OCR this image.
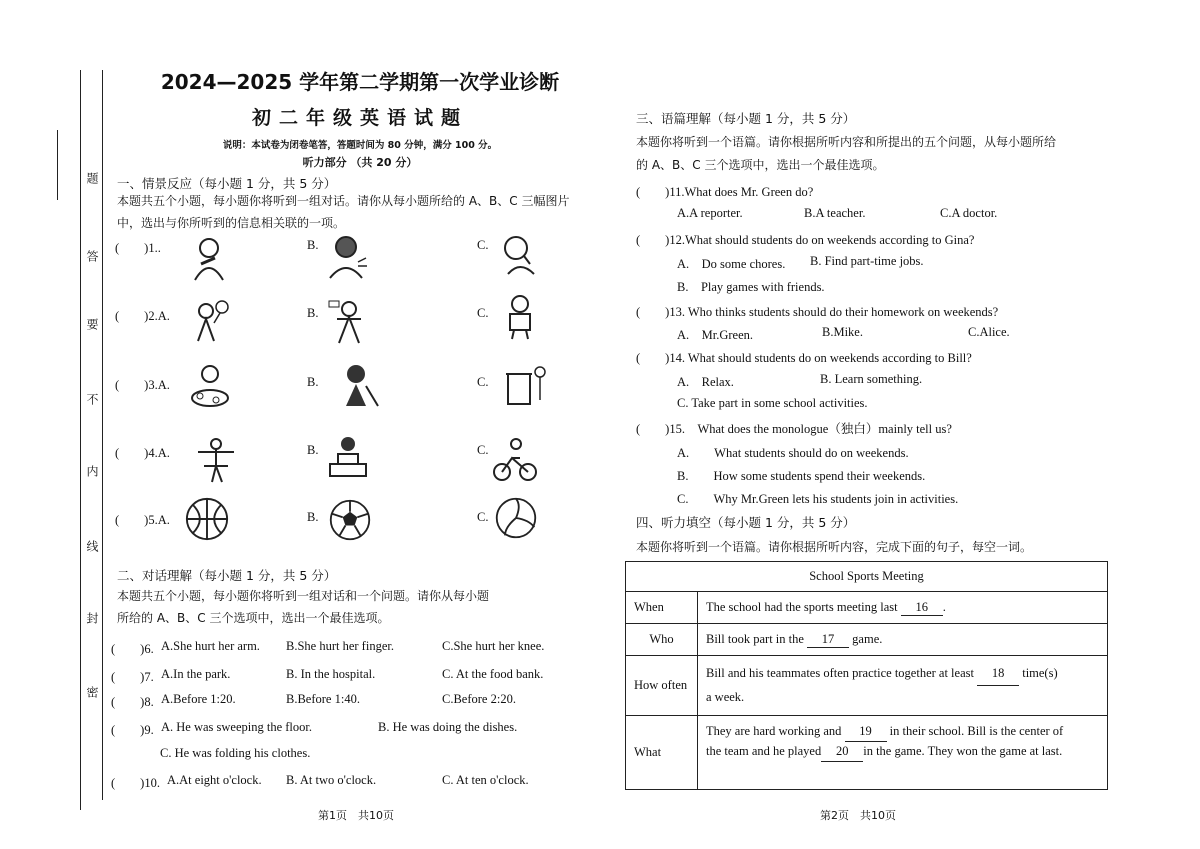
题
答
要
不
内
线
封
密
2024—2025 学年第二学期第一次学业诊断
初二年级英语试题
说明：本试卷为闭卷笔答，答题时间为 80 分钟，满分 100 分。
听力部分 （共 20 分）
一、情景反应（每小题 1 分，共 5 分）
本题共五个小题，每小题你将听到一组对话。请你从每小题所给的 A、B、C 三幅图片
中，选出与你所听到的信息相关联的一项。
(　　)1..	B.	C.
(　　)2.A.	B.	C.
(　　)3.A.	B.	C.
(　　)4.A.	B.	C.
(　　)5.A.	B.	C.
二、对话理解（每小题 1 分，共 5 分）
本题共五个小题，每小题你将听到一组对话和一个问题。请你从每小题
所给的 A、B、C 三个选项中，选出一个最佳选项。
(　　)6. A.She hurt her arm. B.She hurt her finger.	C.She hurt her knee.
(　　)7. A.In the park.	B. In the hospital.	C. At the food bank.
(　　)8. A.Before 1:20.	B.Before 1:40.	C.Before 2:20.
(　　)9. A. He was sweeping the floor.	B. He was doing the dishes.
C. He was folding his clothes.
(　　)10. A.At eight o'clock. B. At two o'clock.	C. At ten o'clock.
第1页　共10页
三、语篇理解（每小题 1 分，共 5 分）
本题你将听到一个语篇。请你根据所听内容和所提出的五个问题，从每小题所给
的 A、B、C 三个选项中，选出一个最佳选项。
(　　)11.What does Mr. Green do?
A.A reporter.	B.A teacher.	C.A doctor.
(　　)12.What should students do on weekends according to Gina?
A.　Do some chores. B. Find part-time jobs.
B.　Play games with friends.
(　　)13. Who thinks students should do their homework on weekends?
A.　Mr.Green.	B.Mike.	C.Alice.
(　　)14. What should students do on weekends according to Bill?
A.　Relax.	B. Learn something.
C. Take part in some school activities.
(　　)15.　What does the monologue（独白）mainly tell us?
A.　　What students should do on weekends.
B.　　How some students spend their weekends.
C.　　Why Mr.Green lets his students join in activities.
四、听力填空（每小题 1 分，共 5 分）
本题你将听到一个语篇。请你根据所听内容，完成下面的句子，每空一词。
School Sports Meeting	
When	The school had the sports meeting last 16 .
Who	Bill took part in the 17 game.
How often	Bill and his teammates often practice together at least 18 time(s)
a week.
What	They are hard working and 19 in their school. Bill is the center of
the team and he played 20 in the game. They won the game at last.
第2页　共10页
